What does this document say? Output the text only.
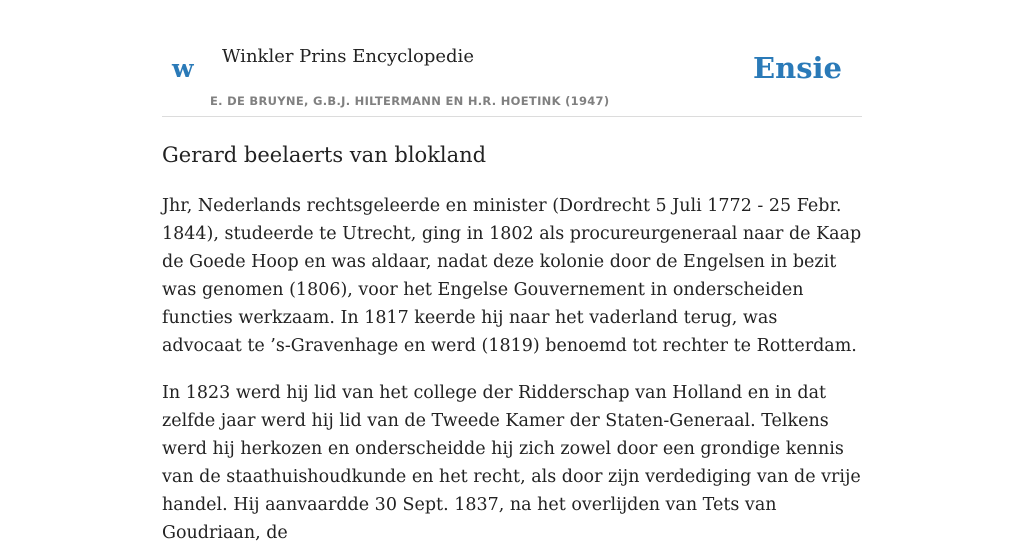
w Winkler Prins Encyclopedie
E. DE BRUYNE, G.B.J. HILTERMANN EN H.R. HOETINK (1947)
Ensie
Gerard beelaerts van blokland

Jhr, Nederlands rechtsgeleerde en minister (Dordrecht 5 Juli 1772 - 25 Febr. 1844), studeerde te Utrecht, ging in 1802 als procureurgeneraal naar de Kaap de Goede Hoop en was aldaar, nadat deze kolonie door de Engelsen in bezit was genomen (1806), voor het Engelse Gouvernement in onderscheiden functies werkzaam. In 1817 keerde hij naar het vaderland terug, was advocaat te ’s-Gravenhage en werd (1819) benoemd tot rechter te Rotterdam.

In 1823 werd hij lid van het college der Ridderschap van Holland en in dat zelfde jaar werd hij lid van de Tweede Kamer der Staten-Generaal. Telkens werd hij herkozen en onderscheidde hij zich zowel door een grondige kennis van de staathuishoudkunde en het recht, als door zijn verdediging van de vrije handel. Hij aanvaardde 30 Sept. 1837, na het overlijden van Tets van Goudriaan, de
